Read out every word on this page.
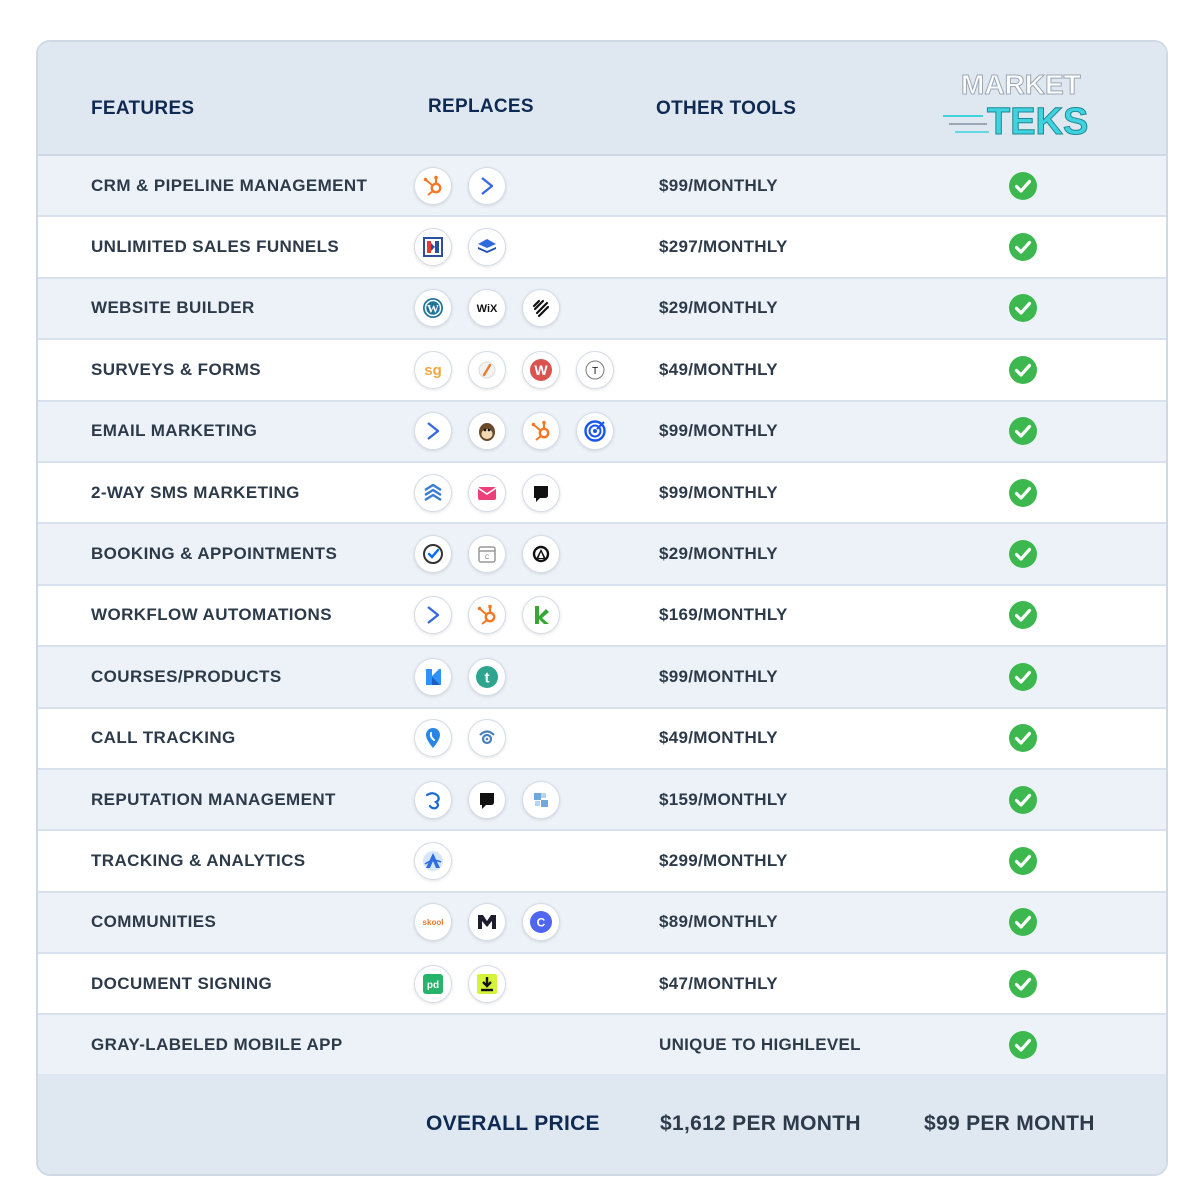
FEATURES	REPLACES	OTHER TOOLS
MARKET
TEKS
CRM & PIPELINE MANAGEMENT	$99/MONTHLY
UNLIMITED SALES FUNNELS	$297/MONTHLY
WEBSITE BUILDER	W	WiX	$29/MONTHLY
SURVEYS & FORMS	sg	W	T	$49/MONTHLY
EMAIL MARKETING	$99/MONTHLY
2-WAY SMS MARKETING	$99/MONTHLY
BOOKING & APPOINTMENTS	C	$29/MONTHLY
WORKFLOW AUTOMATIONS	$169/MONTHLY
COURSES/PRODUCTS	t	$99/MONTHLY
CALL TRACKING	$49/MONTHLY
REPUTATION MANAGEMENT	$159/MONTHLY
TRACKING & ANALYTICS	$299/MONTHLY
COMMUNITIES	skool	C	$89/MONTHLY
DOCUMENT SIGNING	pd	$47/MONTHLY
GRAY-LABELED MOBILE APP	UNIQUE TO HIGHLEVEL
OVERALL PRICE	$1,612 PER MONTH	$99 PER MONTH
